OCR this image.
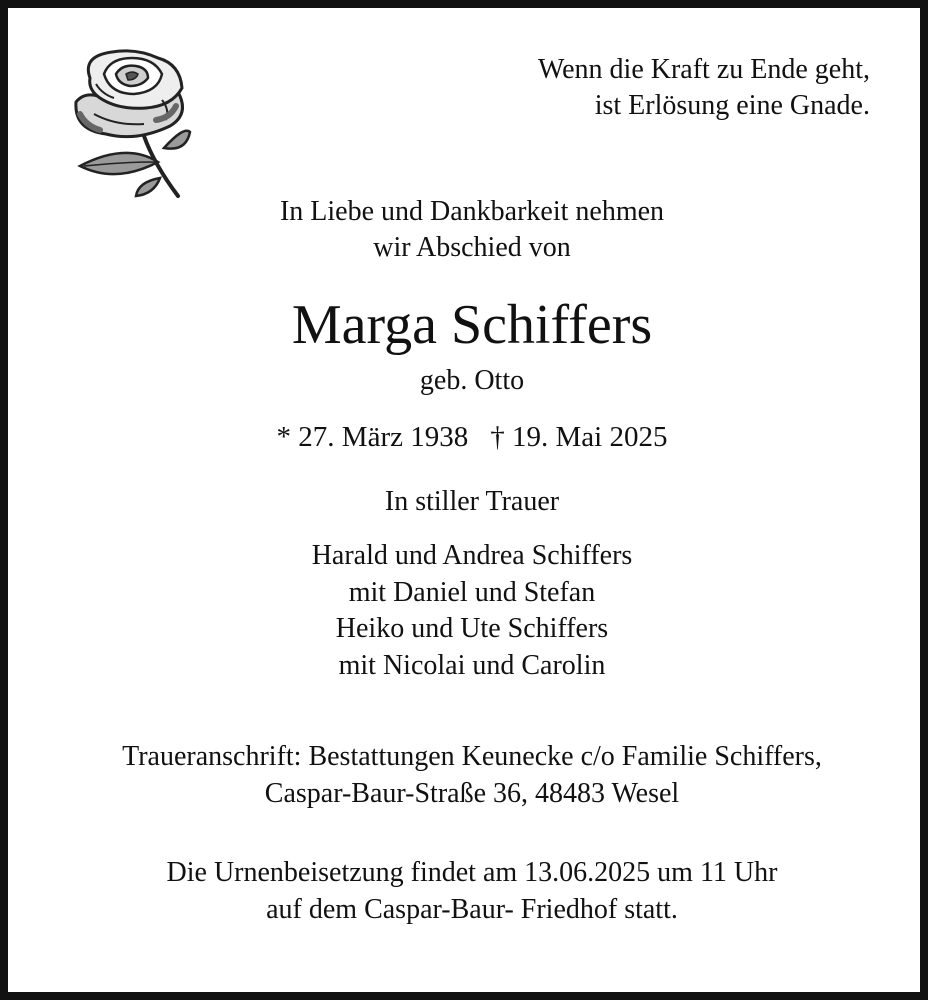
Wenn die Kraft zu Ende geht,
ist Erlösung eine Gnade.
In Liebe und Dankbarkeit nehmen
wir Abschied von
Marga Schiffers
geb. Otto
* 27. März 1938 † 19. Mai 2025
In stiller Trauer
Harald und Andrea Schiffers
mit Daniel und Stefan
Heiko und Ute Schiffers
mit Nicolai und Carolin
Traueranschrift: Bestattungen Keunecke c/o Familie Schiffers,
Caspar-Baur-Straße 36, 48483 Wesel
Die Urnenbeisetzung findet am 13.06.2025 um 11 Uhr
auf dem Caspar-Baur- Friedhof statt.
